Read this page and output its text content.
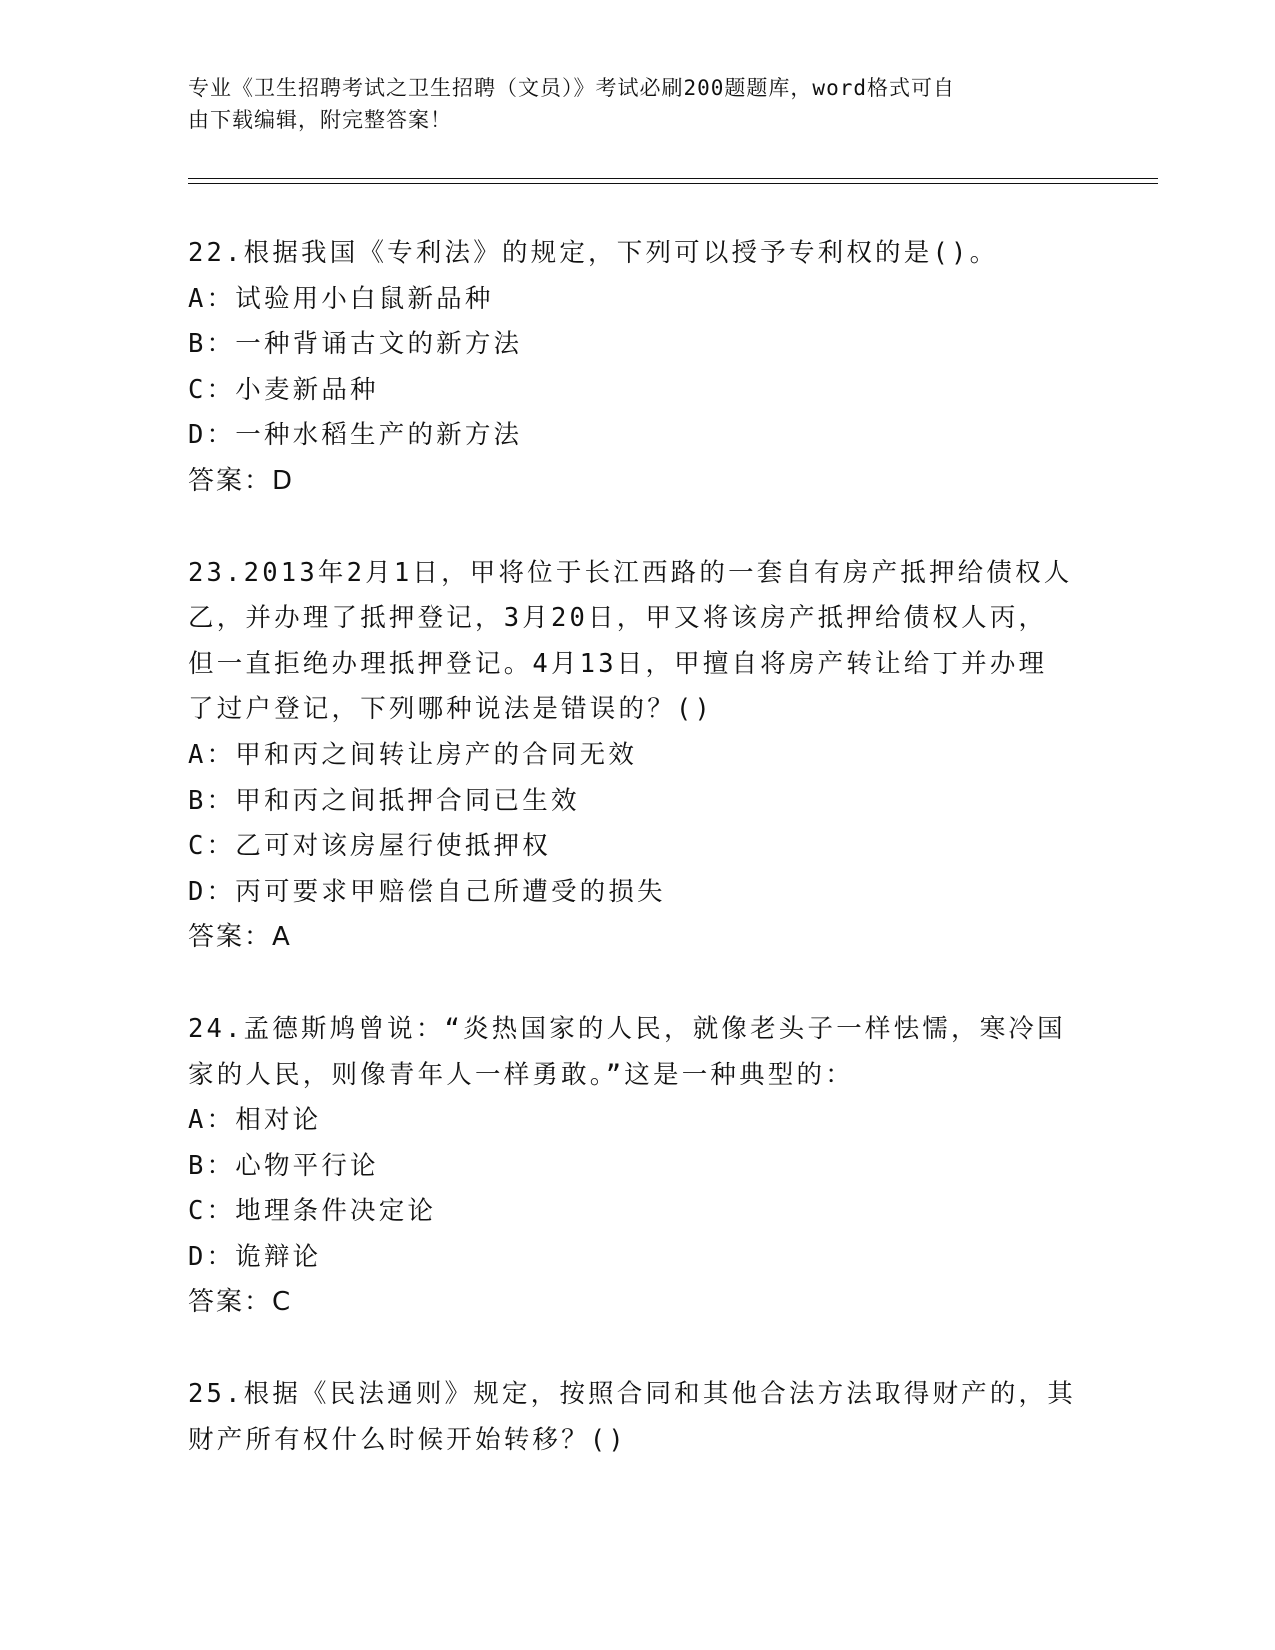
专业《卫生招聘考试之卫生招聘（文员）》考试必刷200题题库，word格式可自
由下载编辑，附完整答案！
22.根据我国《专利法》的规定，下列可以授予专利权的是()。
A：试验用小白鼠新品种
B：一种背诵古文的新方法
C：小麦新品种
D：一种水稻生产的新方法
答案：D
23.2013年2月1日，甲将位于长江西路的一套自有房产抵押给债权人
乙，并办理了抵押登记，3月20日，甲又将该房产抵押给债权人丙，
但一直拒绝办理抵押登记。4月13日，甲擅自将房产转让给丁并办理
了过户登记，下列哪种说法是错误的？()
A：甲和丙之间转让房产的合同无效
B：甲和丙之间抵押合同已生效
C：乙可对该房屋行使抵押权
D：丙可要求甲赔偿自己所遭受的损失
答案：A
24.孟德斯鸠曾说：“炎热国家的人民，就像老头子一样怯懦，寒冷国
家的人民，则像青年人一样勇敢。”这是一种典型的：
A：相对论
B：心物平行论
C：地理条件决定论
D：诡辩论
答案：C
25.根据《民法通则》规定，按照合同和其他合法方法取得财产的，其
财产所有权什么时候开始转移？()
